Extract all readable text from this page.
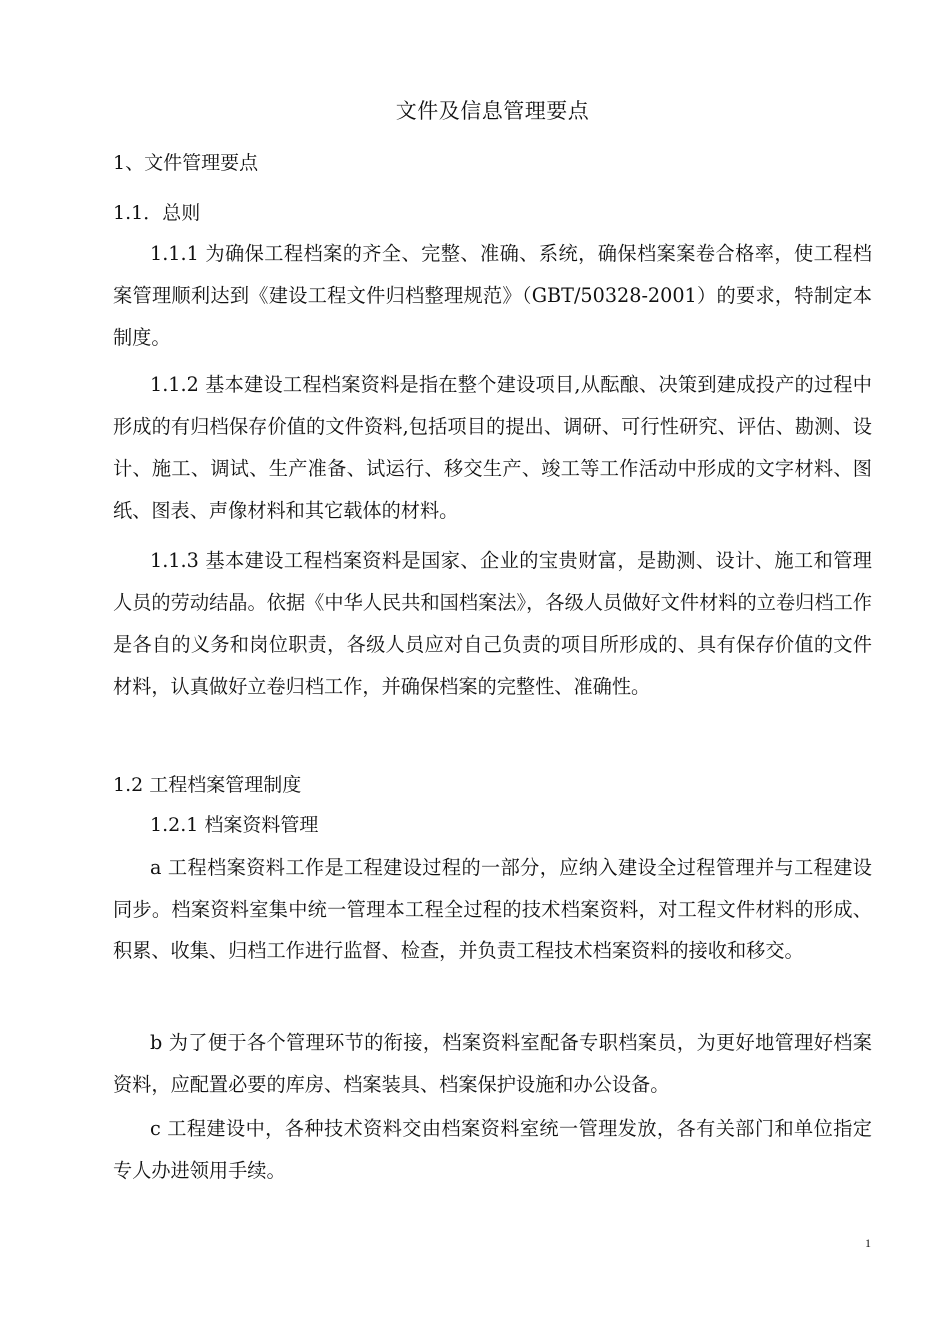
文件及信息管理要点
1、文件管理要点
1.1．总则
1.1.1 为确保工程档案的齐全、完整、准确、系统，确保档案案卷合格率，使工程档案管理顺利达到《建设工程文件归档整理规范》（GBT/50328-2001）的要求，特制定本制度。
1.1.2 基本建设工程档案资料是指在整个建设项目,从酝酿、决策到建成投产的过程中形成的有归档保存价值的文件资料,包括项目的提出、调研、可行性研究、评估、勘测、设计、施工、调试、生产准备、试运行、移交生产、竣工等工作活动中形成的文字材料、图纸、图表、声像材料和其它载体的材料。
1.1.3 基本建设工程档案资料是国家、企业的宝贵财富，是勘测、设计、施工和管理人员的劳动结晶。依据《中华人民共和国档案法》，各级人员做好文件材料的立卷归档工作是各自的义务和岗位职责，各级人员应对自己负责的项目所形成的、具有保存价值的文件材料，认真做好立卷归档工作，并确保档案的完整性、准确性。
1.2 工程档案管理制度
1.2.1 档案资料管理
a 工程档案资料工作是工程建设过程的一部分，应纳入建设全过程管理并与工程建设同步。档案资料室集中统一管理本工程全过程的技术档案资料，对工程文件材料的形成、积累、收集、归档工作进行监督、检查，并负责工程技术档案资料的接收和移交。
b 为了便于各个管理环节的衔接，档案资料室配备专职档案员，为更好地管理好档案资料，应配置必要的库房、档案装具、档案保护设施和办公设备。
c 工程建设中，各种技术资料交由档案资料室统一管理发放，各有关部门和单位指定专人办进领用手续。
1
